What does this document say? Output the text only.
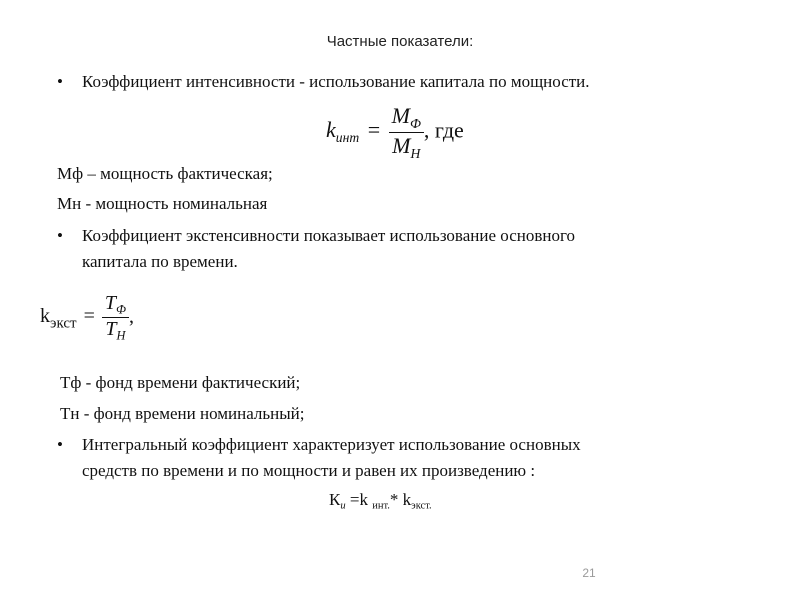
Частные показатели:
• Коэффициент интенсивности - использование капитала по мощности.
$k_{инт} = \frac{М_Ф}{М_Н}$ , где
Мф – мощность фактическая;
Мн - мощность номинальная
• Коэффициент экстенсивности показывает использование основного
капитала по времени.
$k_{экст} = \frac{Т_Ф}{Т_Н}$ ,
Тф - фонд времени фактический;
Тн - фонд времени номинальный;
• Интегральный коэффициент характеризует использование основных
средств по времени и по мощности и равен их произведению :
$К_и =k$ $_{инт.}$* $k_{экст.}$
21
